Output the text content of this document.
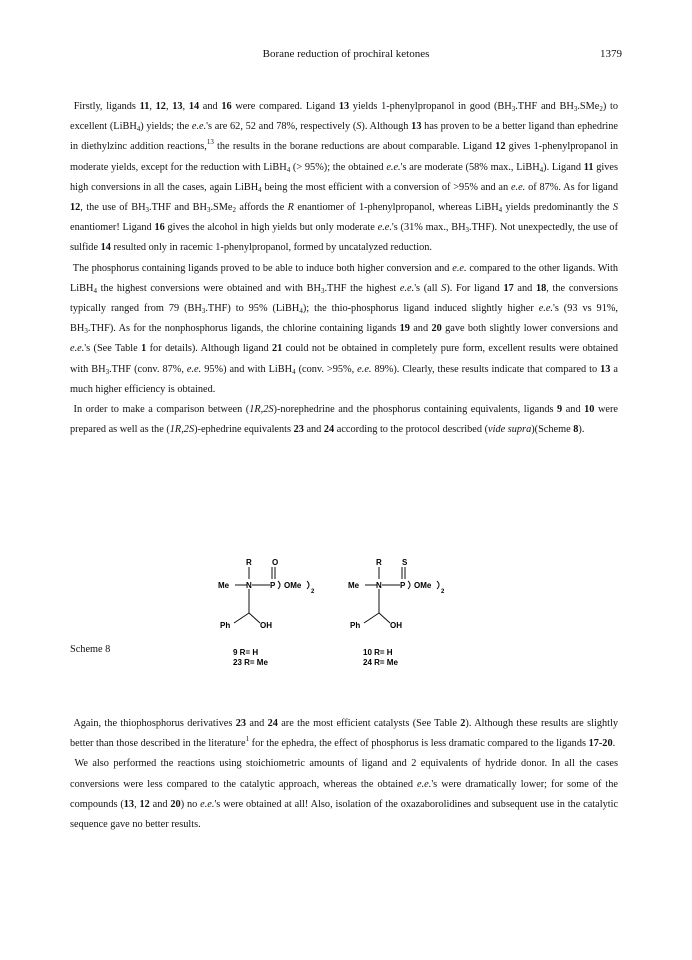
Borane reduction of prochiral ketones	1379

Firstly, ligands 11, 12, 13, 14 and 16 were compared. Ligand 13 yields 1-phenylpropanol in good ($BH_3.THF$ and $BH_3.SMe_2$) to excellent (LiBH$_4$) yields; the e.e.'s are 62, 52 and 78%, respectively (S). Although 13 has proven to be a better ligand than ephedrine in diethylzinc addition reactions,$^{13}$ the results in the borane reductions are about comparable. Ligand 12 gives 1-phenylpropanol in moderate yields, except for the reduction with LiBH$_4$ (> 95%); the obtained e.e.'s are moderate (58% max., LiBH$_4$). Ligand 11 gives high conversions in all the cases, again LiBH$_4$ being the most efficient with a conversion of >95% and an e.e. of 87%. As for ligand 12, the use of $BH_3.THF$ and $BH_3.SMe_2$ affords the R enantiomer of 1-phenylpropanol, whereas LiBH$_4$ yields predominantly the S enantiomer! Ligand 16 gives the alcohol in high yields but only moderate e.e.'s (31% max., $BH_3.THF$). Not unexpectedly, the use of sulfide 14 resulted only in racemic 1-phenylpropanol, formed by uncatalyzed reduction.

The phosphorus containing ligands proved to be able to induce both higher conversion and e.e. compared to the other ligands. With LiBH$_4$ the highest conversions were obtained and with $BH_3.THF$ the highest e.e.'s (all S). For ligand 17 and 18, the conversions typically ranged from 79 $(BH_3.THF)$ to 95% (LiBH$_4$); the thio-phosphorus ligand induced slightly higher e.e.'s (93 vs 91%, $BH_3.THF$). As for the nonphosphorus ligands, the chlorine containing ligands 19 and 20 gave both slightly lower conversions and e.e.'s (See Table 1 for details). Although ligand 21 could not be obtained in completely pure form, excellent results were obtained with $BH_3.THF$ (conv. 87%, e.e. 95%) and with LiBH$_4$ (conv. >95%, e.e. 89%). Clearly, these results indicate that compared to 13 a much higher efficiency is obtained.

In order to make a comparison between (1R,2S)-norephedrine and the phosphorus containing equivalents, ligands 9 and 10 were prepared as well as the (1R,2S)-ephedrine equivalents 23 and 24 according to the protocol described (vide supra)(Scheme 8).

R	O
Me N P OMe
2
Ph	OH
R	S
Me N P OMe
2
Ph	OH
9 R= H
23 R= Me
10 R= H
24 R= Me
Scheme 8

Again, the thiophosphorus derivatives 23 and 24 are the most efficient catalysts (See Table 2). Although these results are slightly better than those described in the literature$^1$ for the ephedra, the effect of phosphorus is less dramatic compared to the ligands 17-20.

We also performed the reactions using stoichiometric amounts of ligand and 2 equivalents of hydride donor. In all the cases conversions were less compared to the catalytic approach, whereas the obtained e.e.'s were dramatically lower; for some of the compounds (13, 12 and 20) no e.e.'s were obtained at all! Also, isolation of the oxazaborolidines and subsequent use in the catalytic sequence gave no better results.
